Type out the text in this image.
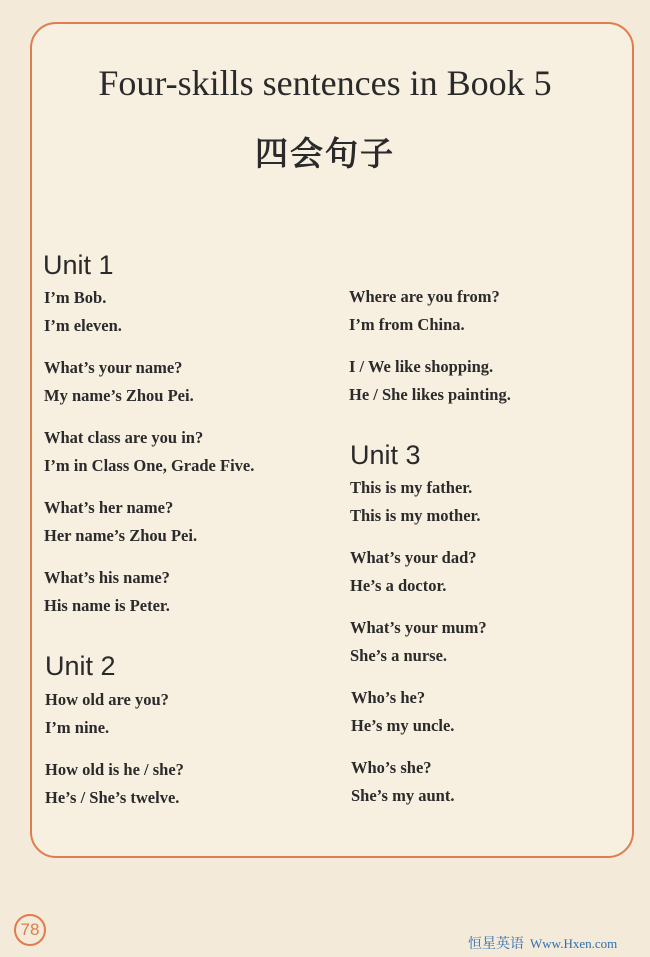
Four-skills sentences in Book 5
四会句子
Unit 1
I’m Bob.
I’m eleven.
What’s your name?
My name’s Zhou Pei.
What class are you in?
I’m in Class One, Grade Five.
What’s her name?
Her name’s Zhou Pei.
What’s his name?
His name is Peter.
Where are you from?
I’m from China.
I / We like shopping.
He / She likes painting.
Unit 2
How old are you?
I’m nine.
How old is he / she?
He’s / She’s twelve.
Unit 3
This is my father.
This is my mother.
What’s your dad?
He’s a doctor.
What’s your mum?
She’s a nurse.
Who’s he?
He’s my uncle.
Who’s she?
She’s my aunt.
78
恒星英语 Www.Hxen.com
